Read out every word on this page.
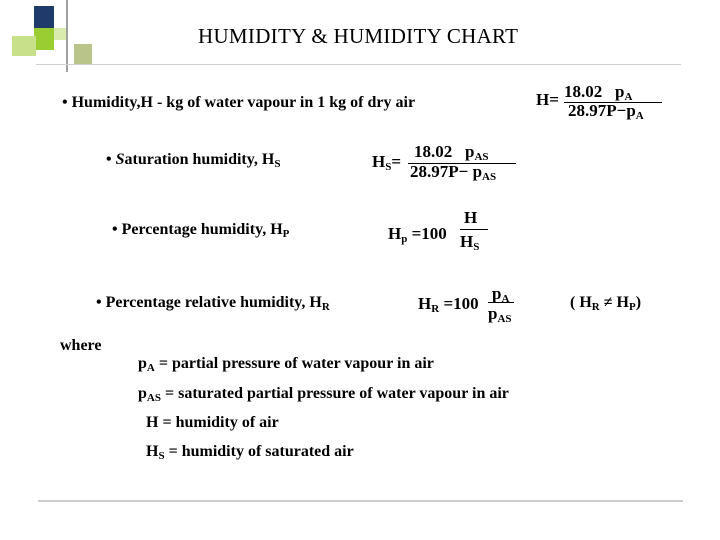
HUMIDITY & HUMIDITY CHART
• Humidity,H - kg of water vapour in 1 kg of dry air	H= 18.02 $p_A$
$28.97P-p_A$
• Saturation humidity, $H_S$	$H_S=$
18.02 $p_{AS}$
$28.97P- p_{AS}$
• Percentage humidity, $H_P$	$H_p =100$
H
$H_S$
• Percentage relative humidity, $H_R$	$H_R =100$
$p_A$
$p_{AS}$
( $H_R \ne H_P$)
where
$p_A$ = partial pressure of water vapour in air
$p_{AS}$ = saturated partial pressure of water vapour in air
H = humidity of air
$H_S$ = humidity of saturated air
